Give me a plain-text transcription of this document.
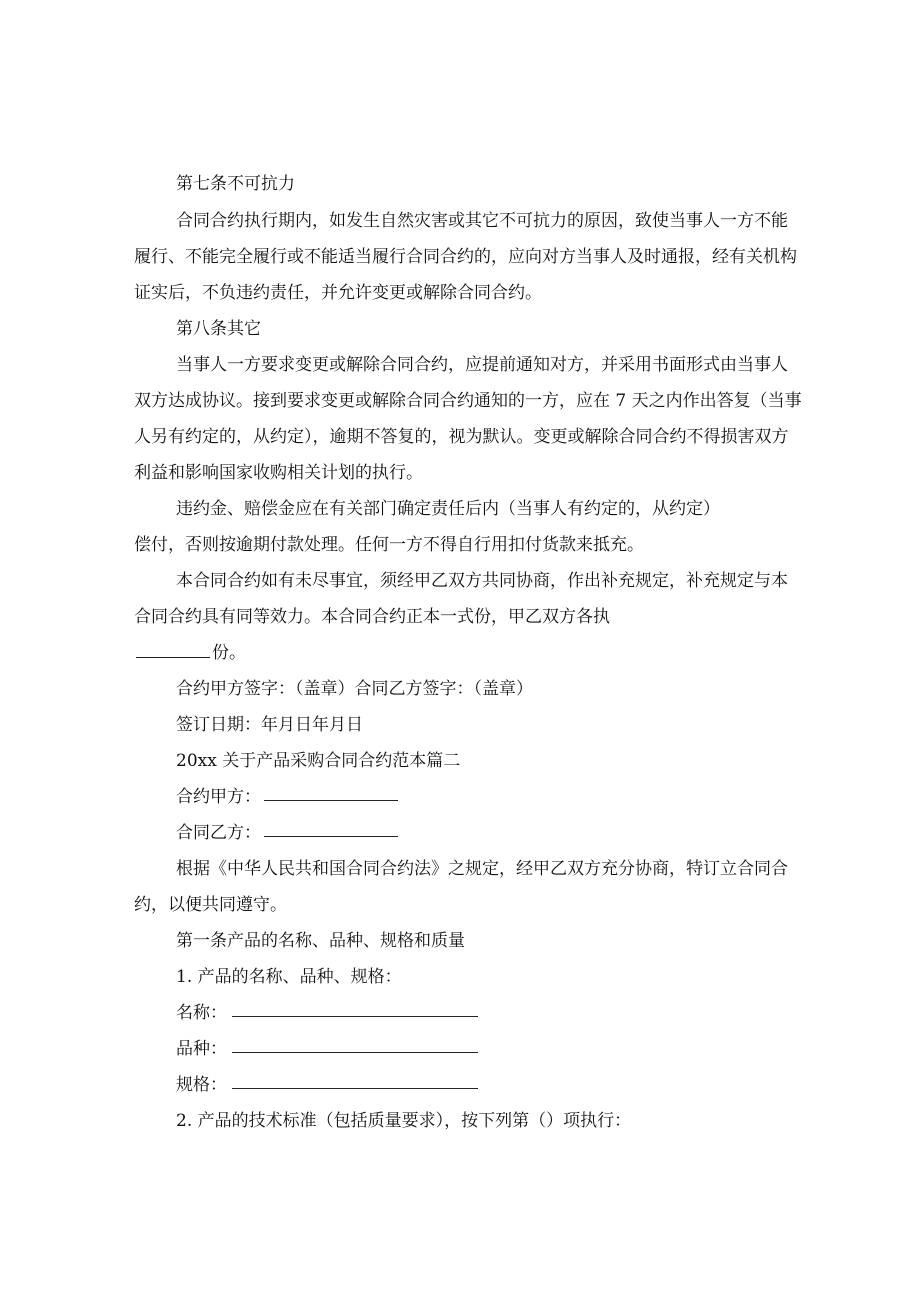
第七条不可抗力
合同合约执行期内，如发生自然灾害或其它不可抗力的原因，致使当事人一方不能
履行、不能完全履行或不能适当履行合同合约的，应向对方当事人及时通报，经有关机构
证实后，不负违约责任，并允许变更或解除合同合约。
第八条其它
当事人一方要求变更或解除合同合约，应提前通知对方，并采用书面形式由当事人
双方达成协议。接到要求变更或解除合同合约通知的一方，应在 7 天之内作出答复（当事
人另有约定的，从约定），逾期不答复的，视为默认。变更或解除合同合约不得损害双方
利益和影响国家收购相关计划的执行。
违约金、赔偿金应在有关部门确定责任后内（当事人有约定的，从约定）
偿付，否则按逾期付款处理。任何一方不得自行用扣付货款来抵充。
本合同合约如有未尽事宜，须经甲乙双方共同协商，作出补充规定，补充规定与本
合同合约具有同等效力。本合同合约正本一式份，甲乙双方各执
份。
合约甲方签字：（盖章）合同乙方签字：（盖章）
签订日期：年月日年月日
20xx 关于产品采购合同合约范本篇二
合约甲方：
合同乙方：
根据《中华人民共和国合同合约法》之规定，经甲乙双方充分协商，特订立合同合
约，以便共同遵守。
第一条产品的名称、品种、规格和质量
1. 产品的名称、品种、规格：
名称：
品种：
规格：
2. 产品的技术标准（包括质量要求），按下列第（）项执行：
